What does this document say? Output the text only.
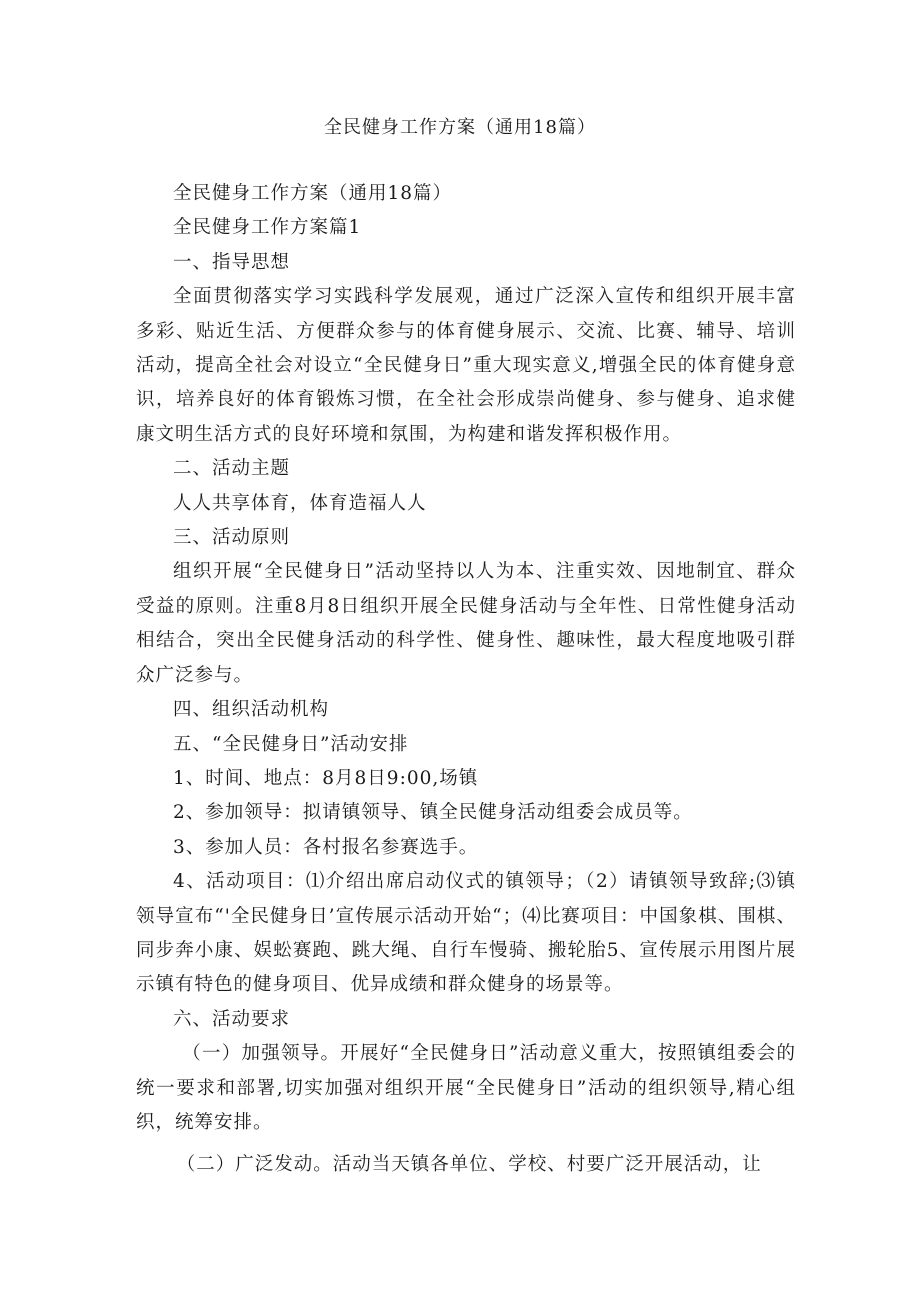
全民健身工作方案（通用18篇）

全民健身工作方案（通用18篇）

全民健身工作方案篇1

一、指导思想

全面贯彻落实学习实践科学发展观，通过广泛深入宣传和组织开展丰富多彩、贴近生活、方便群众参与的体育健身展示、交流、比赛、辅导、培训活动，提高全社会对设立“全民健身日”重大现实意义,增强全民的体育健身意识，培养良好的体育锻炼习惯，在全社会形成崇尚健身、参与健身、追求健康文明生活方式的良好环境和氛围，为构建和谐发挥积极作用。

二、活动主题

人人共享体育，体育造福人人

三、活动原则

组织开展“全民健身日”活动坚持以人为本、注重实效、因地制宜、群众受益的原则。注重8月8日组织开展全民健身活动与全年性、日常性健身活动相结合，突出全民健身活动的科学性、健身性、趣味性，最大程度地吸引群众广泛参与。

四、组织活动机构

五、“全民健身日”活动安排

1、时间、地点：8月8日9:00,场镇

2、参加领导：拟请镇领导、镇全民健身活动组委会成员等。

3、参加人员：各村报名参赛选手。

4、活动项目：⑴介绍出席启动仪式的镇领导；（2）请镇领导致辞;⑶镇领导宣布“'全民健身日’宣传展示活动开始“；⑷比赛项目：中国象棋、围棋、同步奔小康、娱蚣赛跑、跳大绳、自行车慢骑、搬轮胎5、宣传展示用图片展示镇有特色的健身项目、优异成绩和群众健身的场景等。

六、活动要求

（一）加强领导。开展好“全民健身日”活动意义重大，按照镇组委会的统一要求和部署,切实加强对组织开展“全民健身日”活动的组织领导,精心组织，统筹安排。

（二）广泛发动。活动当天镇各单位、学校、村要广泛开展活动，让
